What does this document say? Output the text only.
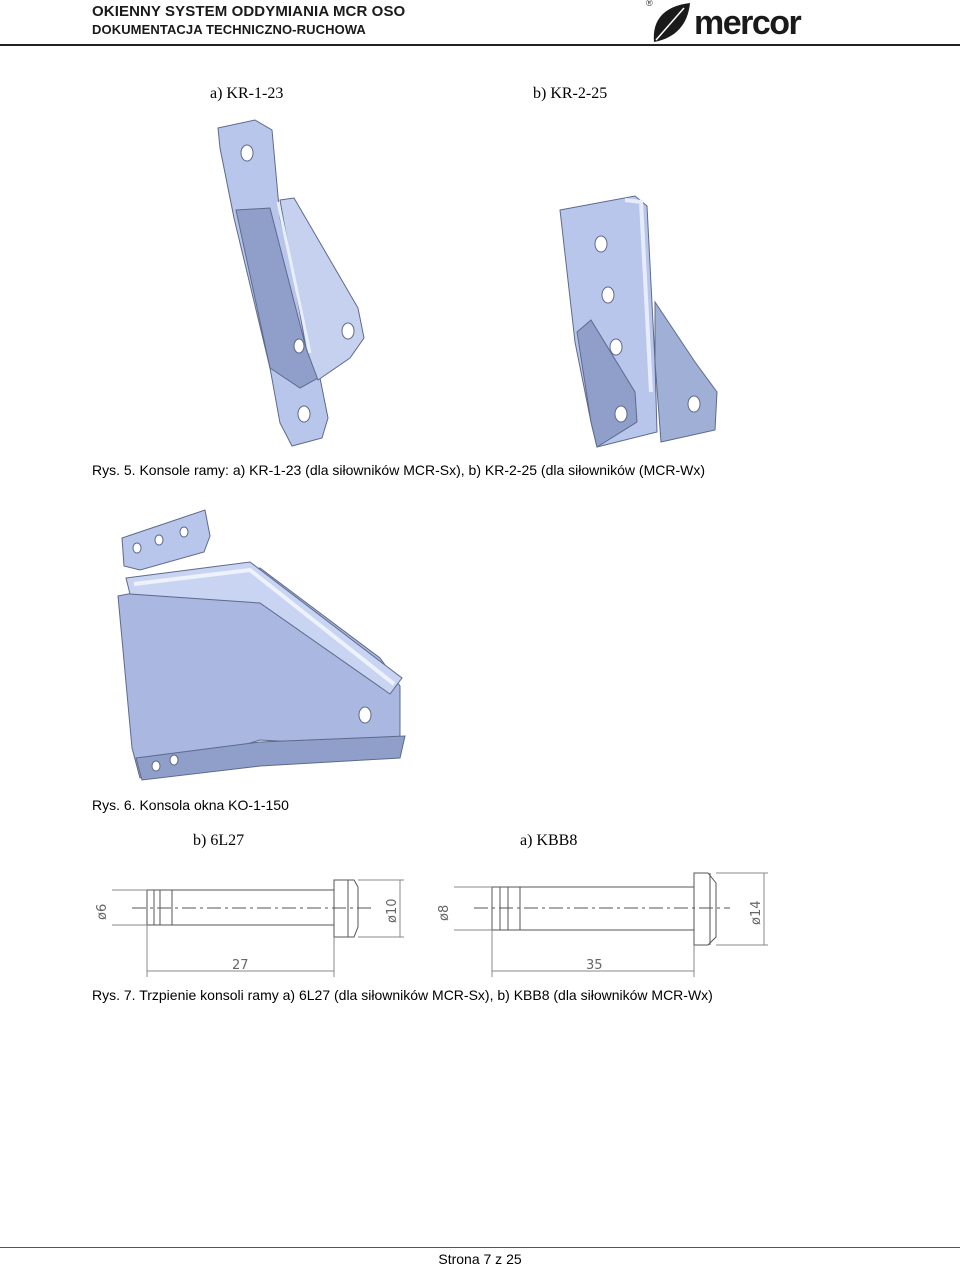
OKIENNY SYSTEM ODDYMIANIA MCR OSO
DOKUMENTACJA TECHNICZNO-RUCHOWA
®
mercor
a) KR-1-23	b) KR-2-25
Rys. 5. Konsole ramy: a) KR-1-23 (dla siłowników MCR-Sx), b) KR-2-25 (dla siłowników (MCR-Wx)
Rys. 6. Konsola okna KO-1-150
b) 6L27	a) KBB8
ø6	ø10
27
ø8	ø14
35
Rys. 7. Trzpienie konsoli ramy a) 6L27 (dla siłowników MCR-Sx), b) KBB8 (dla siłowników MCR-Wx)
Strona 7 z 25
